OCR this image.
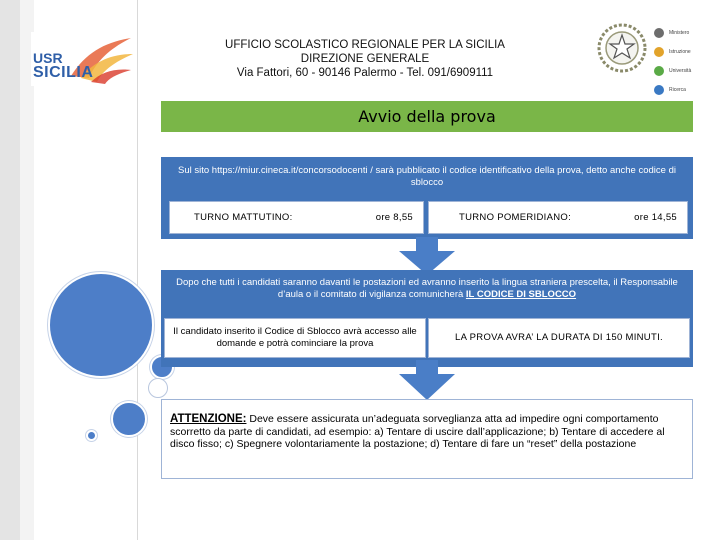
USR
SICILIA
UFFICIO SCOLASTICO REGIONALE PER LA SICILIA
DIREZIONE GENERALE
Via Fattori, 60 - 90146 Palermo - Tel. 091/6909111
Ministero
Istruzione
Università
Ricerca
Avvio della prova
Sul sito https://miur.cineca.it/concorsodocenti / sarà pubblicato il codice identificativo della prova, detto anche codice di sblocco
TURNO MATTUTINO:	ore 8,55	TURNO POMERIDIANO:	ore 14,55
Dopo che tutti i candidati saranno davanti le postazioni ed avranno inserito la lingua straniera prescelta, il Responsabile d’aula o il comitato di vigilanza comunicherà IL CODICE DI SBLOCCO
Il candidato inserito il Codice di Sblocco avrà accesso alle domande e potrà cominciare la prova
LA PROVA AVRA’ LA DURATA DI 150 MINUTI.
ATTENZIONE: Deve essere assicurata un’adeguata sorveglianza atta ad impedire ogni comportamento scorretto da parte di candidati, ad esempio: a) Tentare di uscire dall’applicazione; b) Tentare di accedere al disco fisso; c) Spegnere volontariamente la postazione; d) Tentare di fare un “reset” della postazione
